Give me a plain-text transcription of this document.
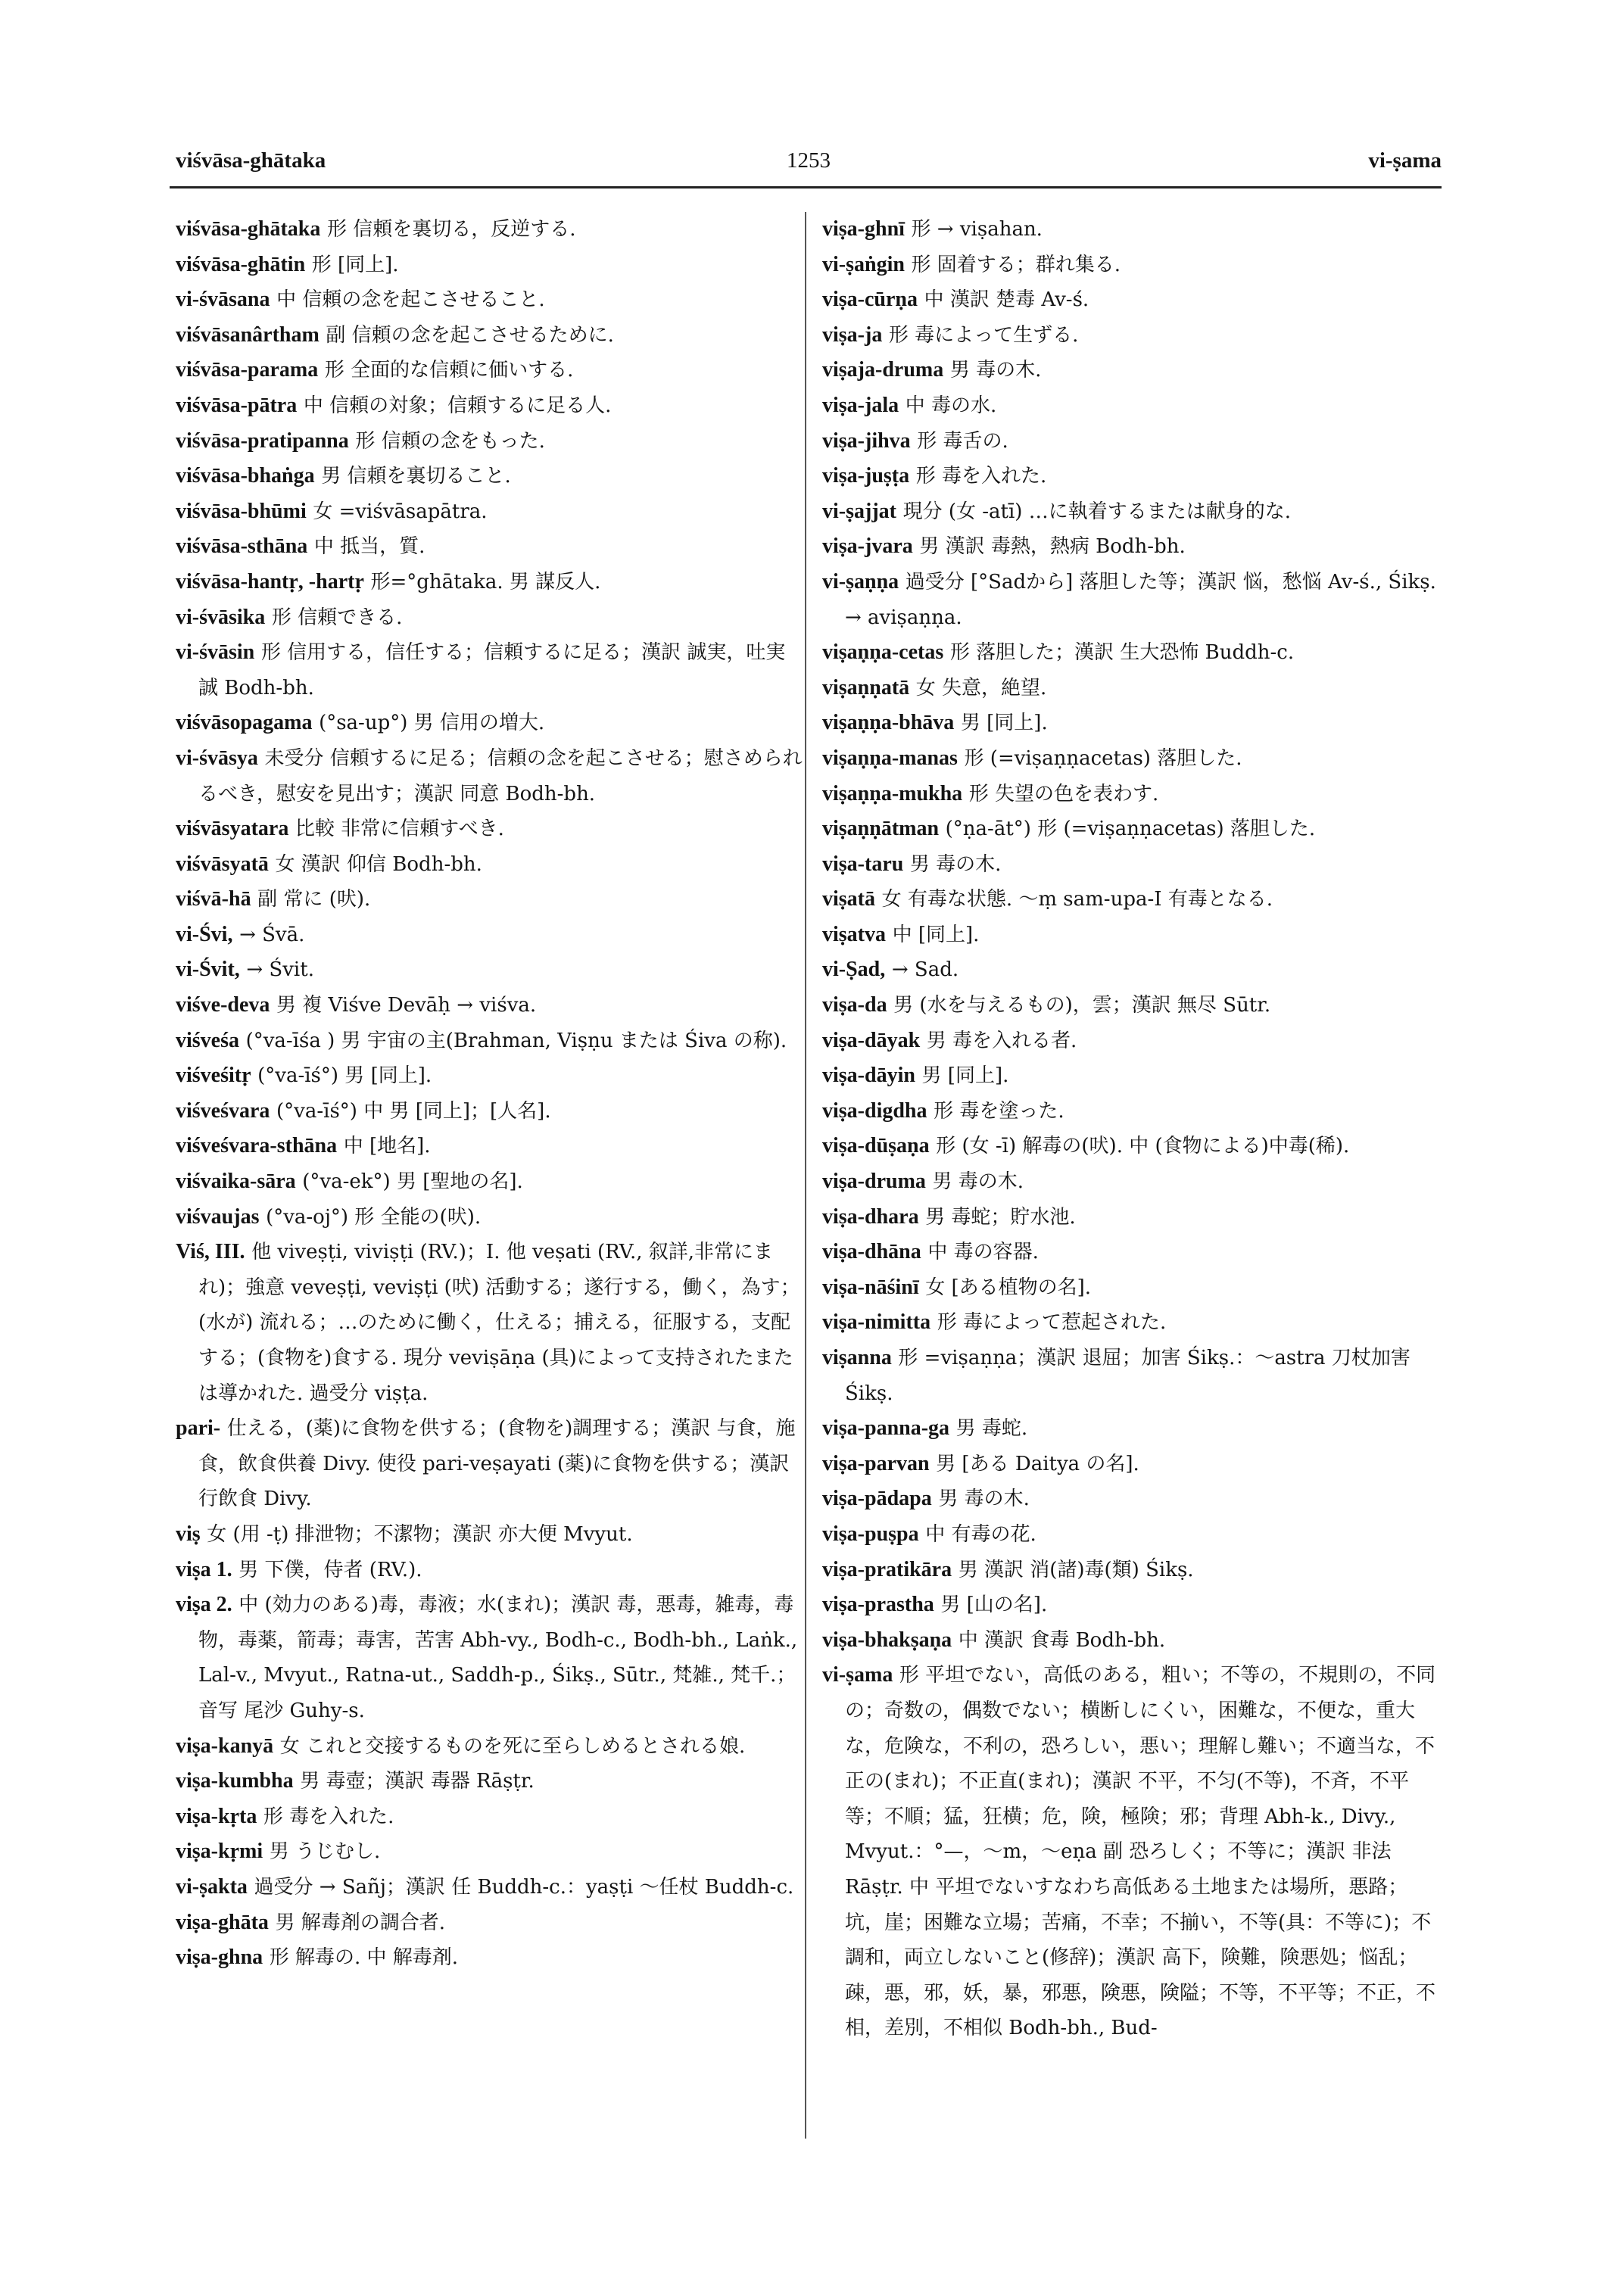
viśvāsa-ghātaka	1253	vi-ṣama
viśvāsa-ghātaka 形 信頼を裏切る，反逆する.
viśvāsa-ghātin 形 [同上].
vi-śvāsana 中 信頼の念を起こさせること.
viśvāsanârtham 副 信頼の念を起こさせるために.
viśvāsa-parama 形 全面的な信頼に価いする.
viśvāsa-pātra 中 信頼の対象；信頼するに足る人.
viśvāsa-pratipanna 形 信頼の念をもった.
viśvāsa-bhaṅga 男 信頼を裏切ること.
viśvāsa-bhūmi 女 =viśvāsapātra.
viśvāsa-sthāna 中 抵当，質.
viśvāsa-hantṛ, -hartṛ 形=°ghātaka. 男 謀反人.
vi-śvāsika 形 信頼できる.
vi-śvāsin 形 信用する，信任する；信頼するに足る；漢訳 誠実，吐実誠 Bodh-bh.
viśvāsopagama (°sa-up°) 男 信用の増大.
vi-śvāsya 未受分 信頼するに足る；信頼の念を起こさせる；慰さめられるべき，慰安を見出す；漢訳 同意 Bodh-bh.
viśvāsyatara 比較 非常に信頼すべき.
viśvāsyatā 女 漢訳 仰信 Bodh-bh.
viśvā-hā 副 常に (吠).
vi-Śvi, → Śvā.
vi-Śvit, → Śvit.
viśve-deva 男 複 Viśve Devāḥ → viśva.
viśveśa (°va-īśa ) 男 宇宙の主(Brahman, Viṣṇu または Śiva の称).
viśveśitṛ (°va-īś°) 男 [同上].
viśveśvara (°va-īś°) 中 男 [同上]；[人名].
viśveśvara-sthāna 中 [地名].
viśvaika-sāra (°va-ek°) 男 [聖地の名].
viśvaujas (°va-oj°) 形 全能の(吠).
Viś, III. 他 viveṣṭi, viviṣṭi (RV.)；I. 他 veṣati (RV., 叙詳,非常にまれ)；強意 veveṣṭi, veviṣṭi (吠) 活動する；遂行する，働く，為す；(水が) 流れる；…のために働く，仕える；捕える，征服する，支配する；(食物を)食する. 現分 veviṣāṇa (具)によって支持されたまたは導かれた. 過受分 viṣṭa.
pari- 仕える，(薬)に食物を供する；(食物を)調理する；漢訳 与食，施食，飲食供養 Divy. 使役 pari-veṣayati (薬)に食物を供する；漢訳 行飲食 Divy.
viṣ 女 (用 -ṭ) 排泄物；不潔物；漢訳 亦大便 Mvyut.
viṣa 1. 男 下僕，侍者 (RV.).
viṣa 2. 中 (効力のある)毒，毒液；水(まれ)；漢訳 毒，悪毒，雑毒，毒物，毒薬，箭毒；毒害，苦害 Abh-vy., Bodh-c., Bodh-bh., Laṅk., Lal-v., Mvyut., Ratna-ut., Saddh-p., Śikṣ., Sūtr., 梵雑., 梵千.；音写 尾沙 Guhy-s.
viṣa-kanyā 女 これと交接するものを死に至らしめるとされる娘.
viṣa-kumbha 男 毒壺；漢訳 毒器 Rāṣṭr.
viṣa-kṛta 形 毒を入れた.
viṣa-kṛmi 男 うじむし.
vi-ṣakta 過受分 → Sañj；漢訳 任 Buddh-c.：yaṣṭi ～任杖 Buddh-c.
viṣa-ghāta 男 解毒剤の調合者.
viṣa-ghna 形 解毒の. 中 解毒剤.
viṣa-ghnī 形 → viṣahan.
vi-ṣaṅgin 形 固着する；群れ集る.
viṣa-cūrṇa 中 漢訳 楚毒 Av-ś.
viṣa-ja 形 毒によって生ずる.
viṣaja-druma 男 毒の木.
viṣa-jala 中 毒の水.
viṣa-jihva 形 毒舌の.
viṣa-juṣṭa 形 毒を入れた.
vi-ṣajjat 現分 (女 -atī) …に執着するまたは献身的な.
viṣa-jvara 男 漢訳 毒熱，熱病 Bodh-bh.
vi-ṣaṇṇa 過受分 [°Sadから] 落胆した等；漢訳 悩，愁悩 Av-ś., Śikṣ. → aviṣaṇṇa.
viṣaṇṇa-cetas 形 落胆した；漢訳 生大恐怖 Buddh-c.
viṣaṇṇatā 女 失意，絶望.
viṣaṇṇa-bhāva 男 [同上].
viṣaṇṇa-manas 形 (=viṣaṇṇacetas) 落胆した.
viṣaṇṇa-mukha 形 失望の色を表わす.
viṣaṇṇātman (°ṇa-āt°) 形 (=viṣaṇṇacetas) 落胆した.
viṣa-taru 男 毒の木.
viṣatā 女 有毒な状態. ～ṃ sam-upa-I 有毒となる.
viṣatva 中 [同上].
vi-Ṣad, → Sad.
viṣa-da 男 (水を与えるもの)，雲；漢訳 無尽 Sūtr.
viṣa-dāyak 男 毒を入れる者.
viṣa-dāyin 男 [同上].
viṣa-digdha 形 毒を塗った.
viṣa-dūṣaṇa 形 (女 -ī) 解毒の(吠). 中 (食物による)中毒(稀).
viṣa-druma 男 毒の木.
viṣa-dhara 男 毒蛇；貯水池.
viṣa-dhāna 中 毒の容器.
viṣa-nāśinī 女 [ある植物の名].
viṣa-nimitta 形 毒によって惹起された.
viṣanna 形 =viṣaṇṇa；漢訳 退屈；加害 Śikṣ.：～astra 刀杖加害 Śikṣ.
viṣa-panna-ga 男 毒蛇.
viṣa-parvan 男 [ある Daitya の名].
viṣa-pādapa 男 毒の木.
viṣa-puṣpa 中 有毒の花.
viṣa-pratikāra 男 漢訳 消(諸)毒(類) Śikṣ.
viṣa-prastha 男 [山の名].
viṣa-bhakṣaṇa 中 漢訳 食毒 Bodh-bh.
vi-ṣama 形 平坦でない，高低のある，粗い；不等の，不規則の，不同の；奇数の，偶数でない；横断しにくい，困難な，不便な，重大な，危険な，不利の，恐ろしい，悪い；理解し難い；不適当な，不正の(まれ)；不正直(まれ)；漢訳 不平，不匀(不等)，不斉，不平等；不順；猛，狂横；危，険，極険；邪；背理 Abh-k., Divy., Mvyut.：°—，～m，～eṇa 副 恐ろしく；不等に；漢訳 非法 Rāṣṭr. 中 平坦でないすなわち高低ある土地または場所，悪路；坑，崖；困難な立場；苦痛，不幸；不揃い，不等(具：不等に)；不調和，両立しないこと(修辞)；漢訳 高下，険難，険悪処；悩乱；疎，悪，邪，妖，暴，邪悪，険悪，険隘；不等，不平等；不正，不相，差別，不相似 Bodh-bh., Bud-
